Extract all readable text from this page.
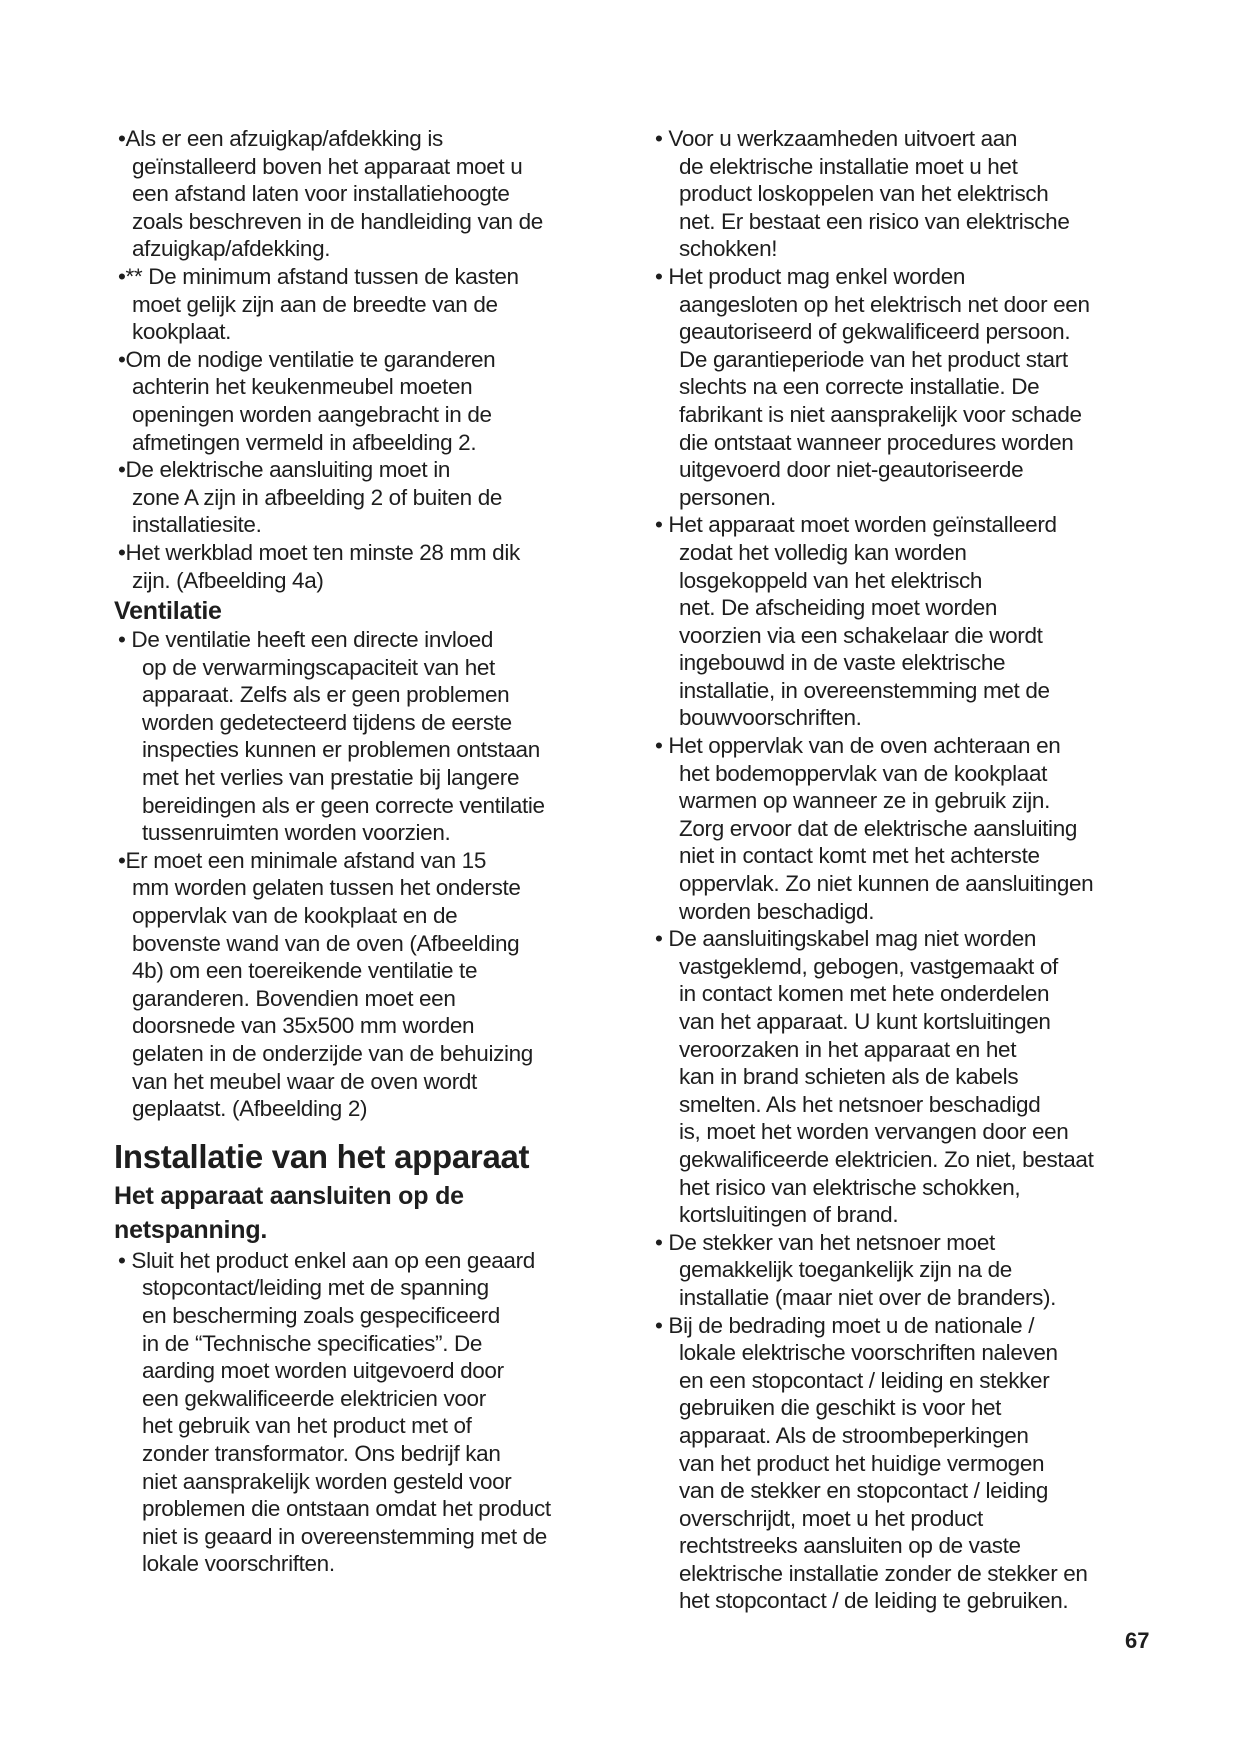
•Als er een afzuigkap/afdekking is
geïnstalleerd boven het apparaat moet u
een afstand laten voor installatiehoogte
zoals beschreven in de handleiding van de
afzuigkap/afdekking.
•** De minimum afstand tussen de kasten
moet gelijk zijn aan de breedte van de
kookplaat.
•Om de nodige ventilatie te garanderen
achterin het keukenmeubel moeten
openingen worden aangebracht in de
afmetingen vermeld in afbeelding 2.
•De elektrische aansluiting moet in
zone A zijn in afbeelding 2 of buiten de
installatiesite.
•Het werkblad moet ten minste 28 mm dik
zijn. (Afbeelding 4a)
Ventilatie
• De ventilatie heeft een directe invloed
op de verwarmingscapaciteit van het
apparaat. Zelfs als er geen problemen
worden gedetecteerd tijdens de eerste
inspecties kunnen er problemen ontstaan
met het verlies van prestatie bij langere
bereidingen als er geen correcte ventilatie
tussenruimten worden voorzien.
•Er moet een minimale afstand van 15
mm worden gelaten tussen het onderste
oppervlak van de kookplaat en de
bovenste wand van de oven (Afbeelding
4b) om een toereikende ventilatie te
garanderen. Bovendien moet een
doorsnede van 35x500 mm worden
gelaten in de onderzijde van de behuizing
van het meubel waar de oven wordt
geplaatst. (Afbeelding 2)
Installatie van het apparaat
Het apparaat aansluiten op de
netspanning.
• Sluit het product enkel aan op een geaard
stopcontact/leiding met de spanning
en bescherming zoals gespecificeerd
in de “Technische specificaties”. De
aarding moet worden uitgevoerd door
een gekwalificeerde elektricien voor
het gebruik van het product met of
zonder transformator. Ons bedrijf kan
niet aansprakelijk worden gesteld voor
problemen die ontstaan omdat het product
niet is geaard in overeenstemming met de
lokale voorschriften.
• Voor u werkzaamheden uitvoert aan
de elektrische installatie moet u het
product loskoppelen van het elektrisch
net. Er bestaat een risico van elektrische
schokken!
• Het product mag enkel worden
aangesloten op het elektrisch net door een
geautoriseerd of gekwalificeerd persoon.
De garantieperiode van het product start
slechts na een correcte installatie. De
fabrikant is niet aansprakelijk voor schade
die ontstaat wanneer procedures worden
uitgevoerd door niet-geautoriseerde
personen.
• Het apparaat moet worden geïnstalleerd
zodat het volledig kan worden
losgekoppeld van het elektrisch
net. De afscheiding moet worden
voorzien via een schakelaar die wordt
ingebouwd in de vaste elektrische
installatie, in overeenstemming met de
bouwvoorschriften.
• Het oppervlak van de oven achteraan en
het bodemoppervlak van de kookplaat
warmen op wanneer ze in gebruik zijn.
Zorg ervoor dat de elektrische aansluiting
niet in contact komt met het achterste
oppervlak. Zo niet kunnen de aansluitingen
worden beschadigd.
• De aansluitingskabel mag niet worden
vastgeklemd, gebogen, vastgemaakt of
in contact komen met hete onderdelen
van het apparaat. U kunt kortsluitingen
veroorzaken in het apparaat en het
kan in brand schieten als de kabels
smelten. Als het netsnoer beschadigd
is, moet het worden vervangen door een
gekwalificeerde elektricien. Zo niet, bestaat
het risico van elektrische schokken,
kortsluitingen of brand.
• De stekker van het netsnoer moet
gemakkelijk toegankelijk zijn na de
installatie (maar niet over de branders).
• Bij de bedrading moet u de nationale /
lokale elektrische voorschriften naleven
en een stopcontact / leiding en stekker
gebruiken die geschikt is voor het
apparaat. Als de stroombeperkingen
van het product het huidige vermogen
van de stekker en stopcontact / leiding
overschrijdt, moet u het product
rechtstreeks aansluiten op de vaste
elektrische installatie zonder de stekker en
het stopcontact / de leiding te gebruiken.
67
